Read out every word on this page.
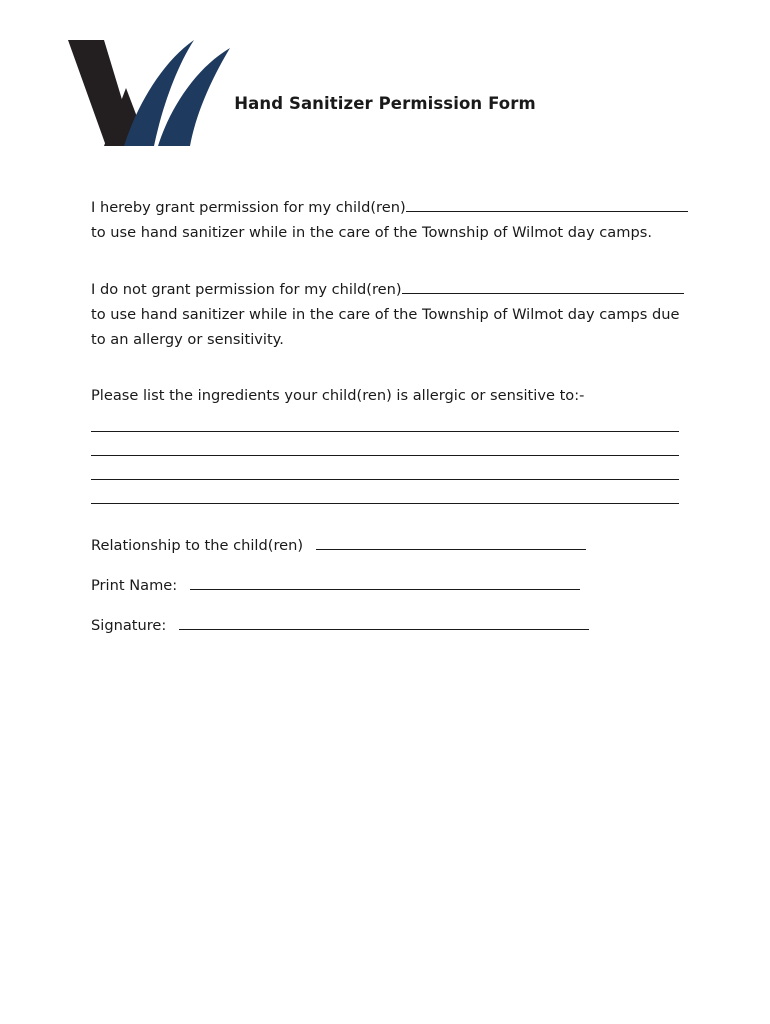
Hand Sanitizer Permission Form
I hereby grant permission for my child(ren)
to use hand sanitizer while in the care of the Township of Wilmot day camps.
I do not grant permission for my child(ren)
to use hand sanitizer while in the care of the Township of Wilmot day camps due
to an allergy or sensitivity.
Please list the ingredients your child(ren) is allergic or sensitive to:-
Relationship to the child(ren)
Print Name:
Signature:
